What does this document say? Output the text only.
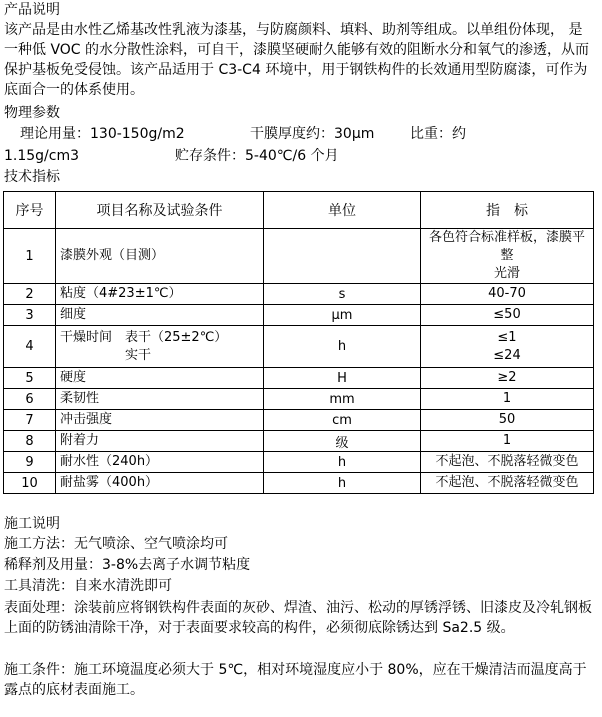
产品说明
该产品是由水性乙烯基改性乳液为漆基，与防腐颜料、填料、助剂等组成。以单组份体现， 是一种低 VOC 的水分散性涂料，可自干，漆膜坚硬耐久能够有效的阻断水分和氧气的渗透，从而保护基板免受侵蚀。该产品适用于 C3-C4 环境中，用于钢铁构件的长效通用型防腐漆，可作为底面合一的体系使用。
物理参数
理论用量：130-150g/m2	干膜厚度约：30μm	比重：约
1.15g/cm3	贮存条件：5-40℃/6 个月
技术指标
序号	项目名称及试验条件	单位	指　标
1	漆膜外观（目测）		各色符合标准样板，漆膜平整
光滑

2	粘度（4#23±1℃）	s	40-70

3	细度	μm	≤50

4	干燥时间　表干（25±2℃）
　　　　　实干	h	≤1
≤24

5	硬度	H	≥2

6	柔韧性	mm	1

7	冲击强度	cm	50

8	附着力	级	1

9	耐水性（240h）	h	不起泡、不脱落轻微变色

10	耐盐雾（400h）	h	不起泡、不脱落轻微变色
施工说明
施工方法：无气喷涂、空气喷涂均可
稀释剂及用量：3-8%去离子水调节粘度
工具清洗：自来水清洗即可
表面处理：涂装前应将钢铁构件表面的灰砂、焊渣、油污、松动的厚锈浮锈、旧漆皮及冷轧钢板上面的防锈油清除干净，对于表面要求较高的构件，必须彻底除锈达到 Sa2.5 级。
施工条件：施工环境温度必须大于 5℃，相对环境湿度应小于 80%，应在干燥清洁而温度高于露点的底材表面施工。
